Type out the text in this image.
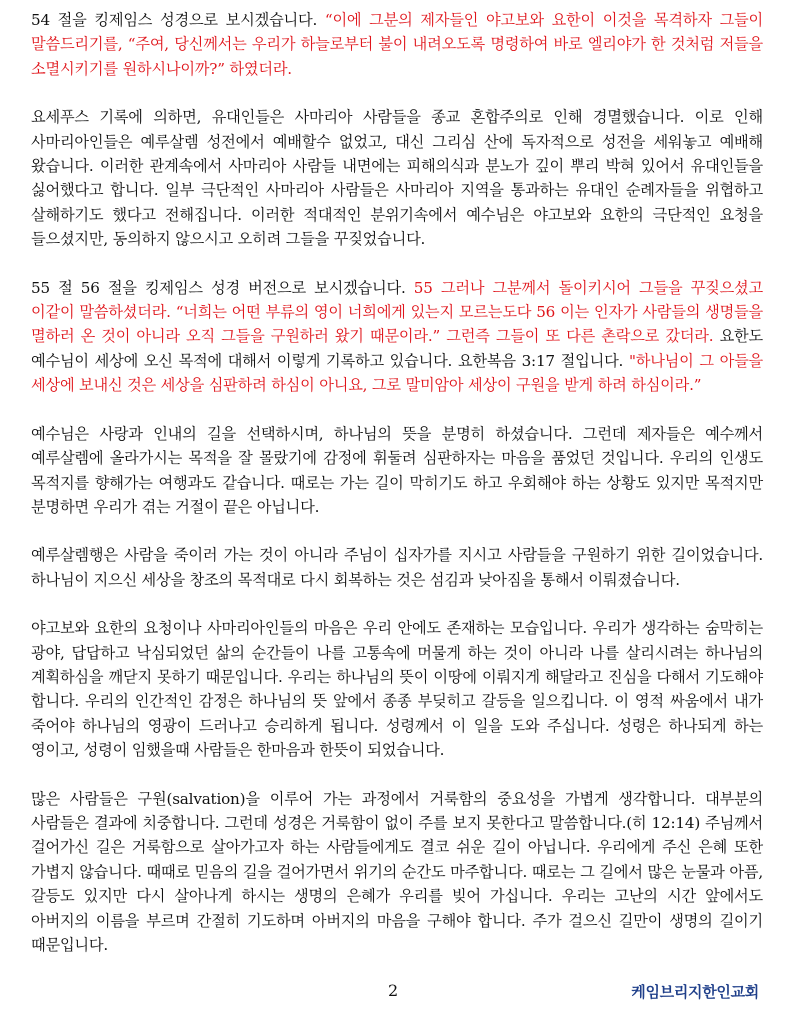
54 절을 킹제임스 성경으로 보시겠습니다. “이에 그분의 제자들인 야고보와 요한이 이것을 목격하자 그들이 말씀드리기를, “주여, 당신께서는 우리가 하늘로부터 불이 내려오도록 명령하여 바로 엘리야가 한 것처럼 저들을 소멸시키기를 원하시나이까?” 하였더라.

요세푸스 기록에 의하면, 유대인들은 사마리아 사람들을 종교 혼합주의로 인해 경멸했습니다. 이로 인해 사마리아인들은 예루살렘 성전에서 예배할수 없었고, 대신 그리심 산에 독자적으로 성전을 세워놓고 예배해 왔습니다. 이러한 관계속에서 사마리아 사람들 내면에는 피해의식과 분노가 깊이 뿌리 박혀 있어서 유대인들을 싫어했다고 합니다. 일부 극단적인 사마리아 사람들은 사마리아 지역을 통과하는 유대인 순례자들을 위협하고 살해하기도 했다고 전해집니다. 이러한 적대적인 분위기속에서 예수님은 야고보와 요한의 극단적인 요청을 들으셨지만, 동의하지 않으시고 오히려 그들을 꾸짖었습니다.

55 절 56 절을 킹제임스 성경 버전으로 보시겠습니다. 55 그러나 그분께서 돌이키시어 그들을 꾸짖으셨고 이같이 말씀하셨더라. “너희는 어떤 부류의 영이 너희에게 있는지 모르는도다 56 이는 인자가 사람들의 생명들을 멸하러 온 것이 아니라 오직 그들을 구원하러 왔기 때문이라.” 그런즉 그들이 또 다른 촌락으로 갔더라. 요한도 예수님이 세상에 오신 목적에 대해서 이렇게 기록하고 있습니다. 요한복음 3:17 절입니다. "하나님이 그 아들을 세상에 보내신 것은 세상을 심판하려 하심이 아니요, 그로 말미암아 세상이 구원을 받게 하려 하심이라.”

예수님은 사랑과 인내의 길을 선택하시며, 하나님의 뜻을 분명히 하셨습니다. 그런데 제자들은 예수께서 예루살렘에 올라가시는 목적을 잘 몰랐기에 감정에 휘둘려 심판하자는 마음을 품었던 것입니다. 우리의 인생도 목적지를 향해가는 여행과도 같습니다. 때로는 가는 길이 막히기도 하고 우회해야 하는 상황도 있지만 목적지만 분명하면 우리가 겪는 거절이 끝은 아닙니다.

예루살렘행은 사람을 죽이러 가는 것이 아니라 주님이 십자가를 지시고 사람들을 구원하기 위한 길이었습니다. 하나님이 지으신 세상을 창조의 목적대로 다시 회복하는 것은 섬김과 낮아짐을 통해서 이뤄졌습니다.

야고보와 요한의 요청이나 사마리아인들의 마음은 우리 안에도 존재하는 모습입니다. 우리가 생각하는 숨막히는 광야, 답답하고 낙심되었던 삶의 순간들이 나를 고통속에 머물게 하는 것이 아니라 나를 살리시려는 하나님의 계획하심을 깨닫지 못하기 때문입니다. 우리는 하나님의 뜻이 이땅에 이뤄지게 해달라고 진심을 다해서 기도해야 합니다. 우리의 인간적인 감정은 하나님의 뜻 앞에서 종종 부딪히고 갈등을 일으킵니다. 이 영적 싸움에서 내가 죽어야 하나님의 영광이 드러나고 승리하게 됩니다. 성령께서 이 일을 도와 주십니다. 성령은 하나되게 하는 영이고, 성령이 임했을때 사람들은 한마음과 한뜻이 되었습니다.

많은 사람들은 구원(salvation)을 이루어 가는 과정에서 거룩함의 중요성을 가볍게 생각합니다. 대부분의 사람들은 결과에 치중합니다. 그런데 성경은 거룩함이 없이 주를 보지 못한다고 말씀합니다.(히 12:14) 주님께서 걸어가신 길은 거룩함으로 살아가고자 하는 사람들에게도 결코 쉬운 길이 아닙니다. 우리에게 주신 은혜 또한 가볍지 않습니다. 때때로 믿음의 길을 걸어가면서 위기의 순간도 마주합니다. 때로는 그 길에서 많은 눈물과 아픔, 갈등도 있지만 다시 살아나게 하시는 생명의 은혜가 우리를 빚어 가십니다. 우리는 고난의 시간 앞에서도 아버지의 이름을 부르며 간절히 기도하며 아버지의 마음을 구해야 합니다. 주가 걸으신 길만이 생명의 길이기 때문입니다.

2	케임브리지한인교회
